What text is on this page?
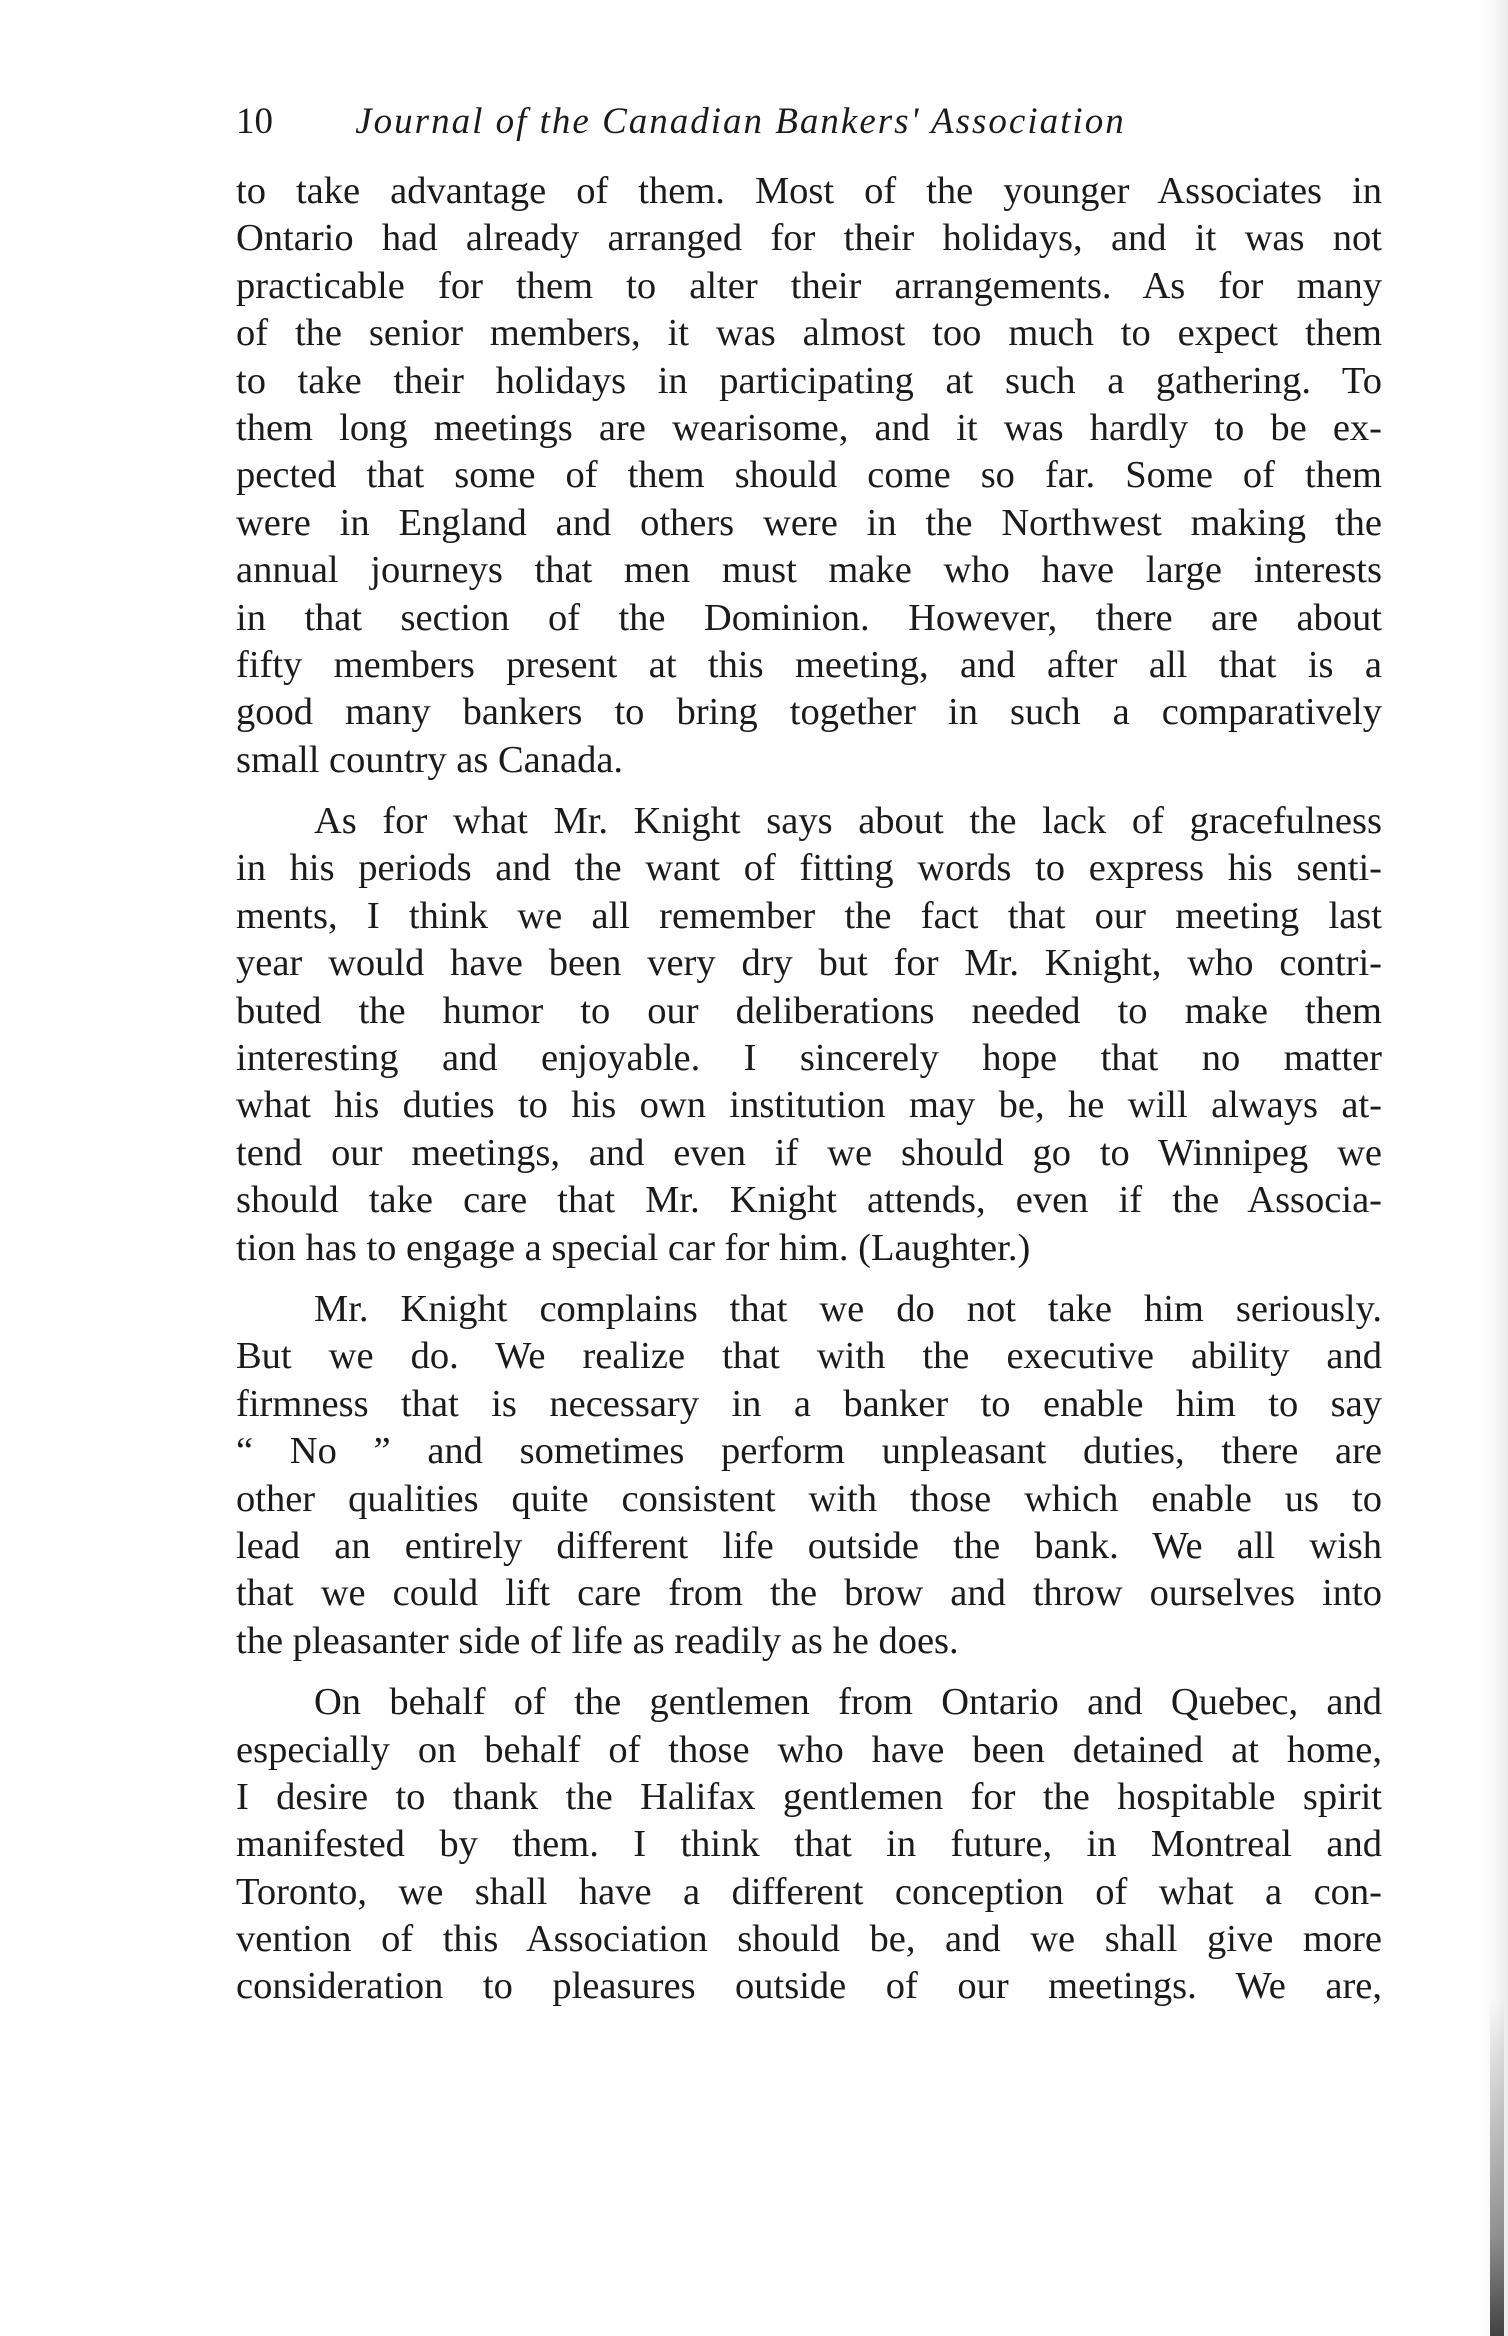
10 Journal of the Canadian Bankers' Association

to take advantage of them. Most of the younger Associates in
Ontario had already arranged for their holidays, and it was not
practicable for them to alter their arrangements. As for many
of the senior members, it was almost too much to expect them
to take their holidays in participating at such a gathering. To
them long meetings are wearisome, and it was hardly to be ex-
pected that some of them should come so far. Some of them
were in England and others were in the Northwest making the
annual journeys that men must make who have large interests
in that section of the Dominion. However, there are about
fifty members present at this meeting, and after all that is a
good many bankers to bring together in such a comparatively
small country as Canada.

As for what Mr. Knight says about the lack of gracefulness
in his periods and the want of fitting words to express his senti-
ments, I think we all remember the fact that our meeting last
year would have been very dry but for Mr. Knight, who contri-
buted the humor to our deliberations needed to make them
interesting and enjoyable. I sincerely hope that no matter
what his duties to his own institution may be, he will always at-
tend our meetings, and even if we should go to Winnipeg we
should take care that Mr. Knight attends, even if the Associa-
tion has to engage a special car for him. (Laughter.)

Mr. Knight complains that we do not take him seriously.
But we do. We realize that with the executive ability and
firmness that is necessary in a banker to enable him to say
“ No ” and sometimes perform unpleasant duties, there are
other qualities quite consistent with those which enable us to
lead an entirely different life outside the bank. We all wish
that we could lift care from the brow and throw ourselves into
the pleasanter side of life as readily as he does.

On behalf of the gentlemen from Ontario and Quebec, and
especially on behalf of those who have been detained at home,
I desire to thank the Halifax gentlemen for the hospitable spirit
manifested by them. I think that in future, in Montreal and
Toronto, we shall have a different conception of what a con-
vention of this Association should be, and we shall give more
consideration to pleasures outside of our meetings. We are,
